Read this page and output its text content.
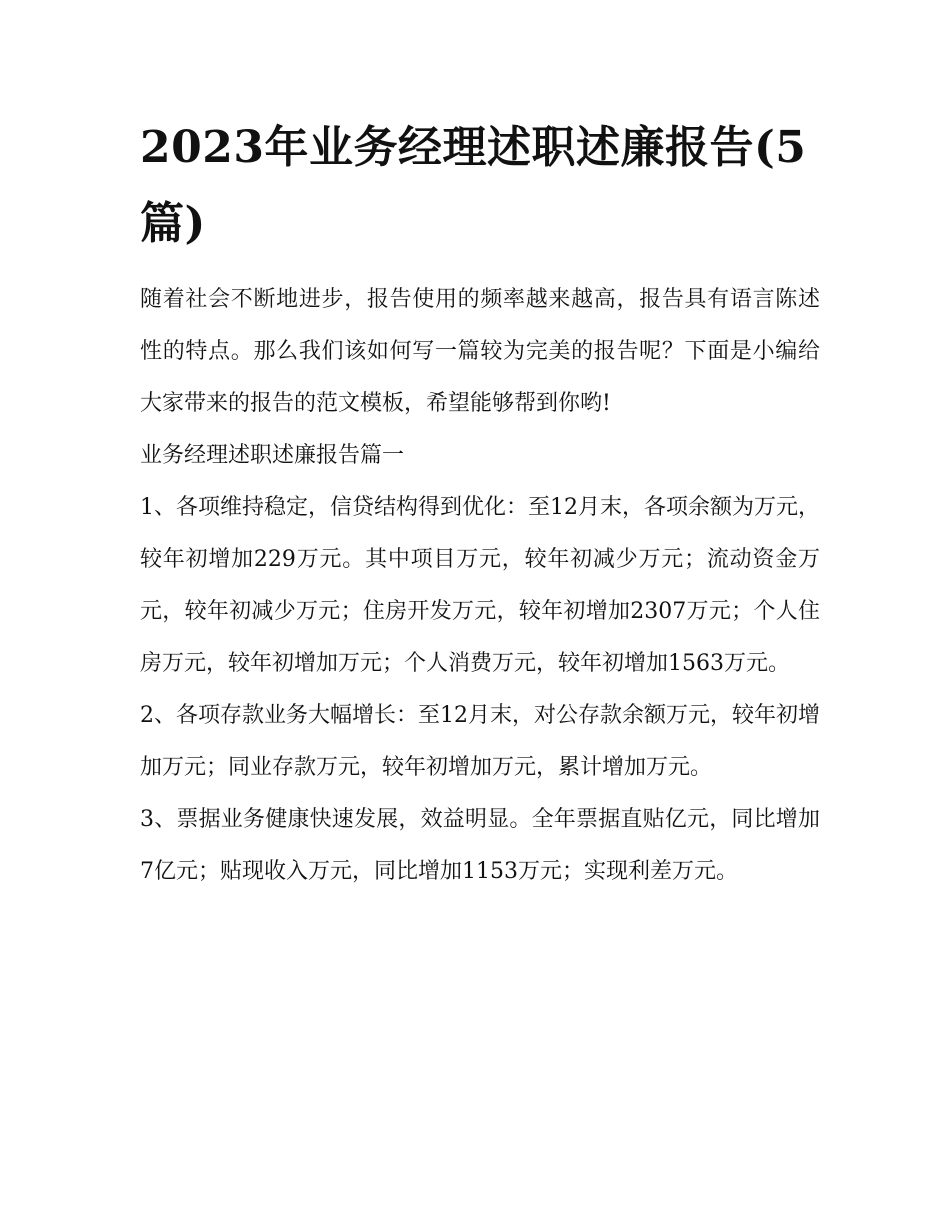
2023年业务经理述职述廉报告(5篇)

随着社会不断地进步，报告使用的频率越来越高，报告具有语言陈述性的特点。那么我们该如何写一篇较为完美的报告呢？下面是小编给大家带来的报告的范文模板，希望能够帮到你哟!

业务经理述职述廉报告篇一

1、各项维持稳定，信贷结构得到优化：至12月末，各项余额为万元，较年初增加229万元。其中项目万元，较年初减少万元；流动资金万元，较年初减少万元；住房开发万元，较年初增加2307万元；个人住房万元，较年初增加万元；个人消费万元，较年初增加1563万元。

2、各项存款业务大幅增长：至12月末，对公存款余额万元，较年初增加万元；同业存款万元，较年初增加万元，累计增加万元。

3、票据业务健康快速发展，效益明显。全年票据直贴亿元，同比增加7亿元；贴现收入万元，同比增加1153万元；实现利差万元。
